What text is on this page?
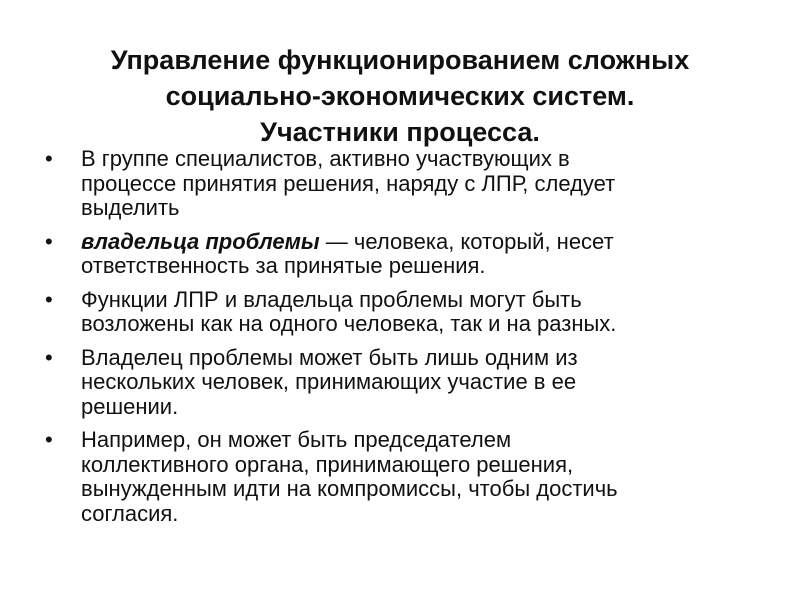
Управление функционированием сложных
социально-экономических систем.
Участники процесса.
• В группе специалистов, активно участвующих в
процессе принятия решения, наряду с ЛПР, следует
выделить
• владельца проблемы — человека, который, несет
ответственность за принятые решения.
• Функции ЛПР и владельца проблемы могут быть
возложены как на одного человека, так и на разных.
• Владелец проблемы может быть лишь одним из
нескольких человек, принимающих участие в ее
решении.
• Например, он может быть председателем
коллективного органа, принимающего решения,
вынужденным идти на компромиссы, чтобы достичь
согласия.
